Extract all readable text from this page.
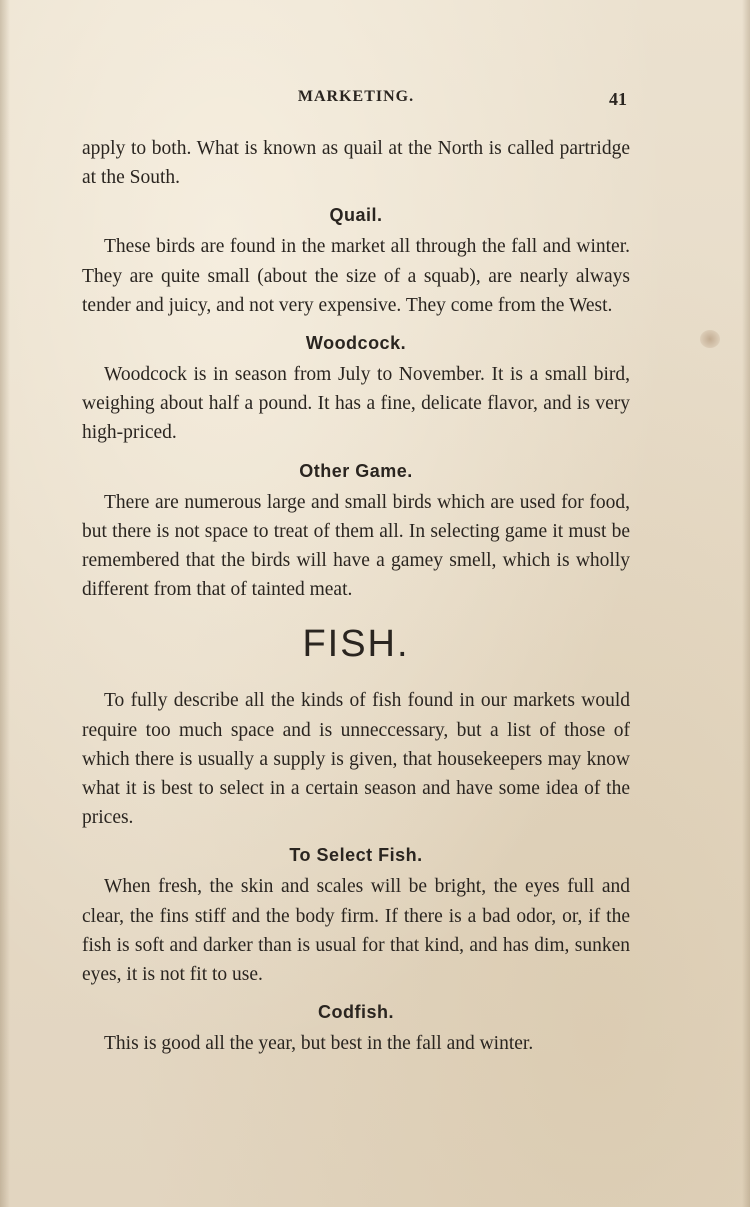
MARKETING.	41

apply to both. What is known as quail at the North is called partridge at the South.

Quail.

These birds are found in the market all through the fall and winter. They are quite small (about the size of a squab), are nearly always tender and juicy, and not very expensive. They come from the West.

Woodcock.

Woodcock is in season from July to November. It is a small bird, weighing about half a pound. It has a fine, delicate flavor, and is very high-priced.

Other Game.

There are numerous large and small birds which are used for food, but there is not space to treat of them all. In selecting game it must be remembered that the birds will have a gamey smell, which is wholly different from that of tainted meat.

FISH.

To fully describe all the kinds of fish found in our markets would require too much space and is unneccessary, but a list of those of which there is usually a supply is given, that housekeepers may know what it is best to select in a certain season and have some idea of the prices.

To Select Fish.

When fresh, the skin and scales will be bright, the eyes full and clear, the fins stiff and the body firm. If there is a bad odor, or, if the fish is soft and darker than is usual for that kind, and has dim, sunken eyes, it is not fit to use.

Codfish.

This is good all the year, but best in the fall and winter.
